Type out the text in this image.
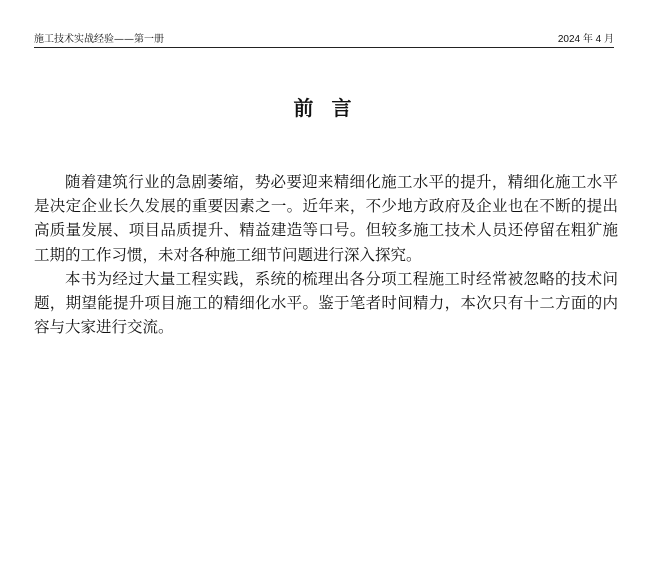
施工技术实战经验——第一册	2024 年 4 月
前言

随着建筑行业的急剧萎缩，势必要迎来精细化施工水平的提升，精细化施工水平是决定企业长久发展的重要因素之一。近年来，不少地方政府及企业也在不断的提出高质量发展、项目品质提升、精益建造等口号。但较多施工技术人员还停留在粗犷施工期的工作习惯，未对各种施工细节问题进行深入探究。

本书为经过大量工程实践，系统的梳理出各分项工程施工时经常被忽略的技术问题，期望能提升项目施工的精细化水平。鉴于笔者时间精力，本次只有十二方面的内容与大家进行交流。
